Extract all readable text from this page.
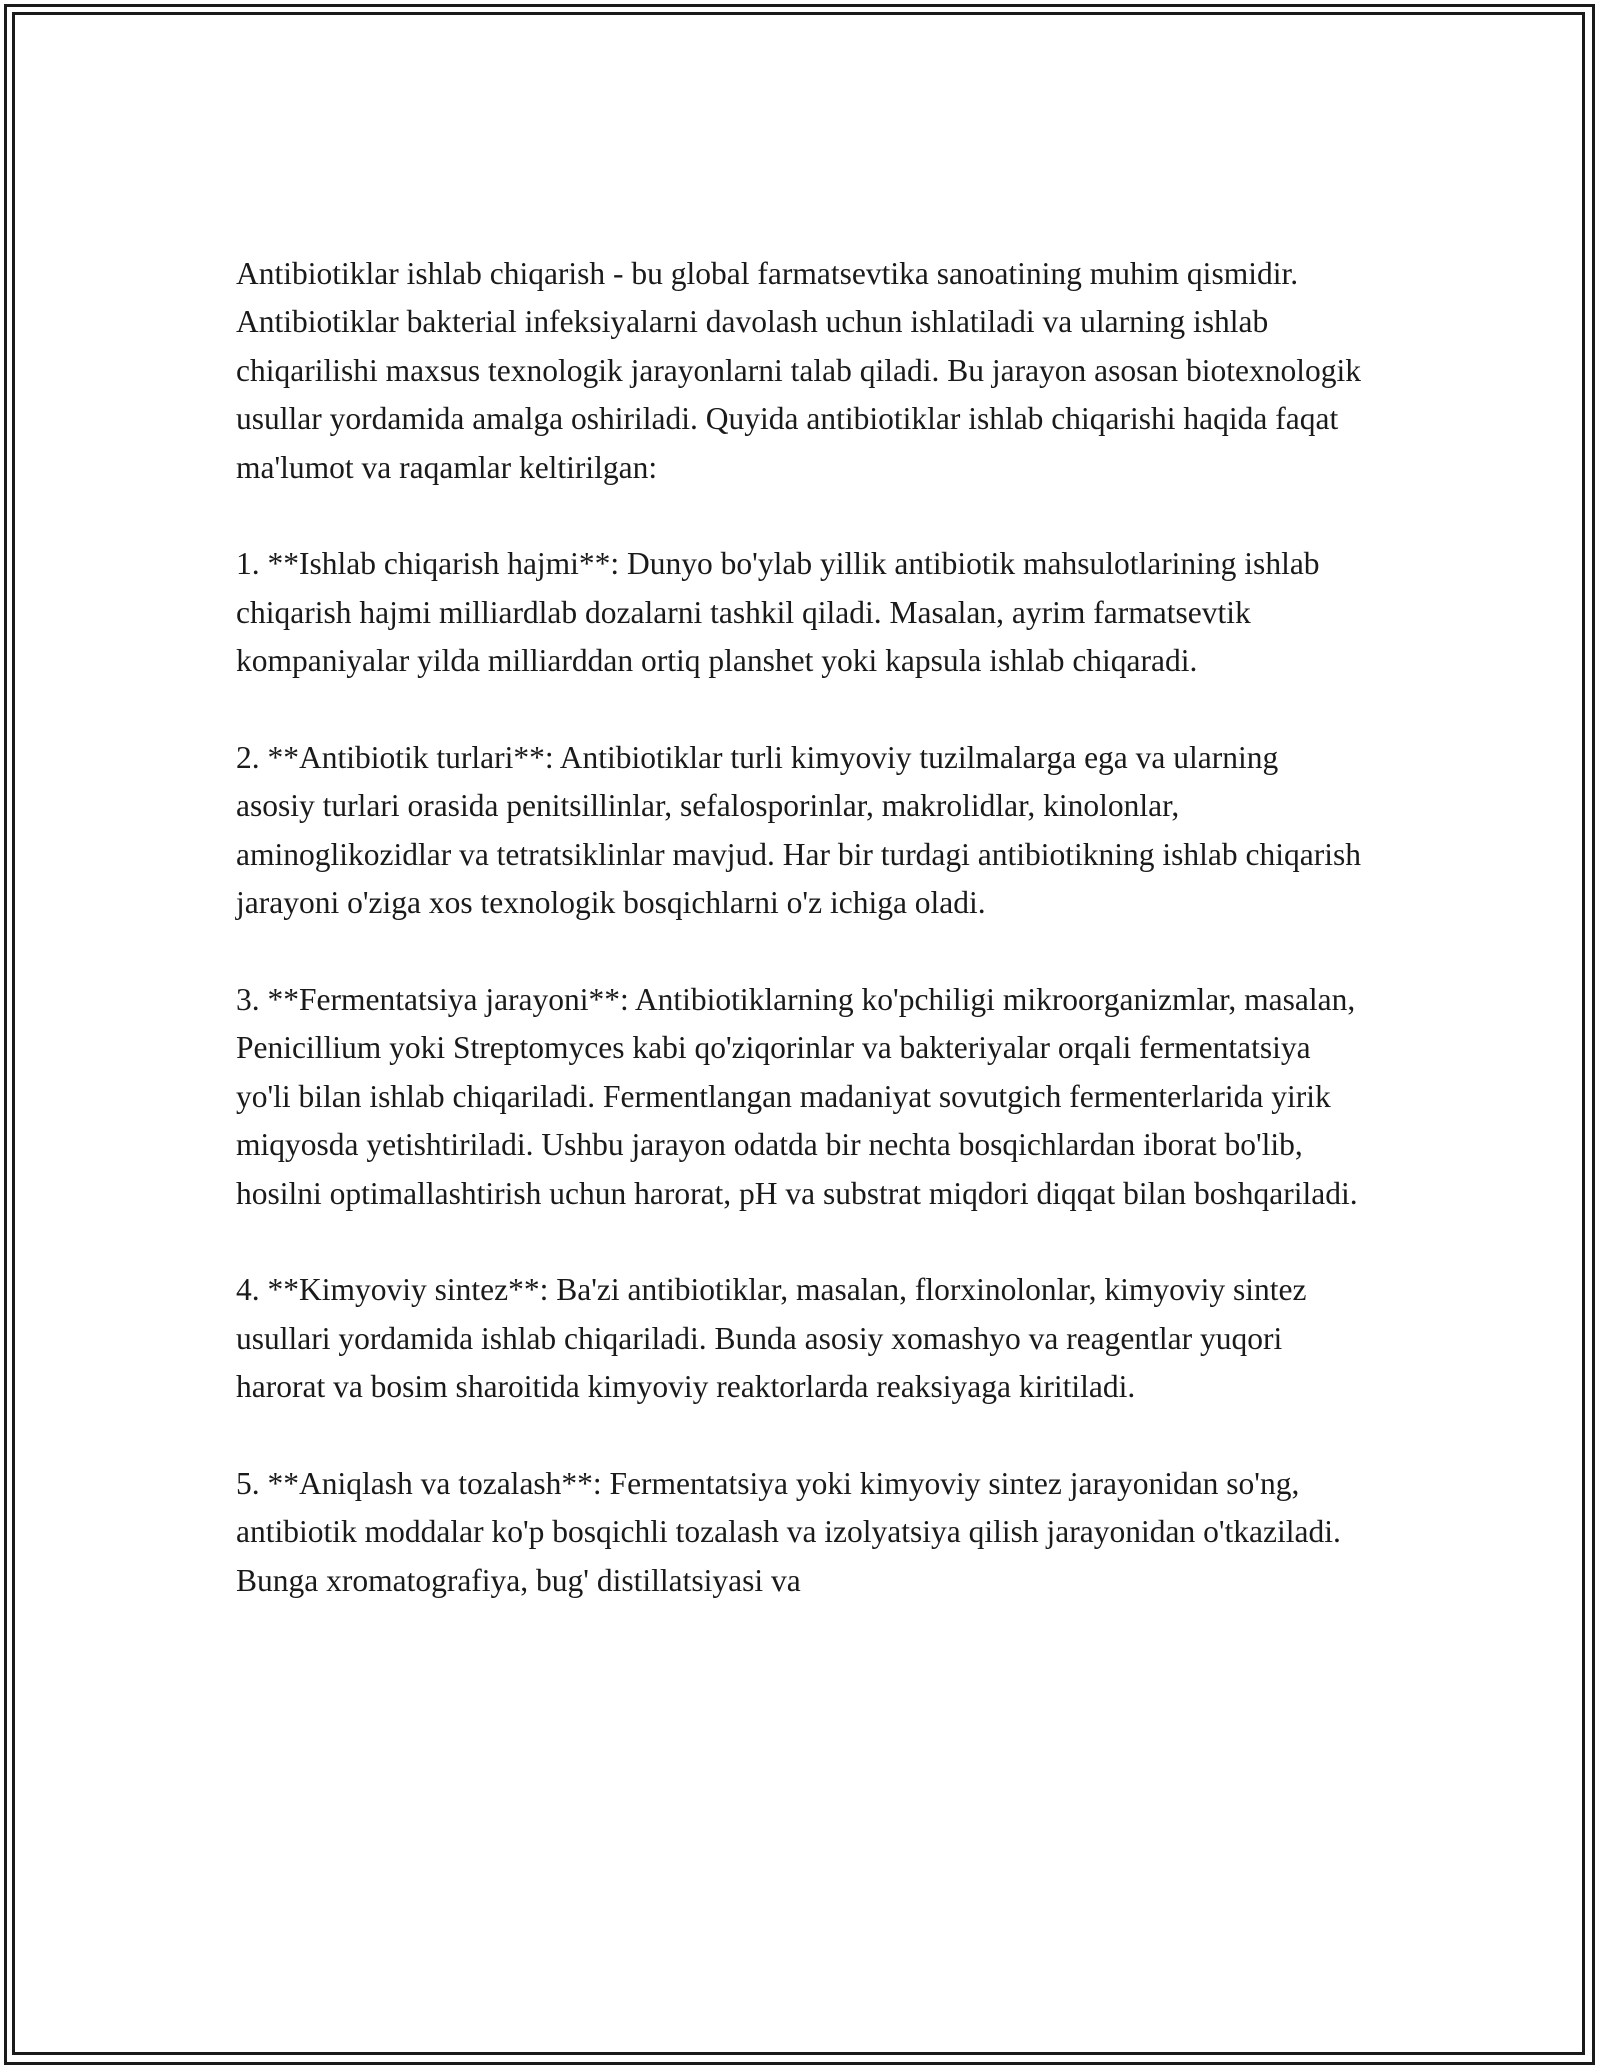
Antibiotiklar ishlab chiqarish - bu global farmatsevtika sanoatining muhim qismidir. Antibiotiklar bakterial infeksiyalarni davolash uchun ishlatiladi va ularning ishlab chiqarilishi maxsus texnologik jarayonlarni talab qiladi. Bu jarayon asosan biotexnologik usullar yordamida amalga oshiriladi. Quyida antibiotiklar ishlab chiqarishi haqida faqat ma'lumot va raqamlar keltirilgan:

1. **Ishlab chiqarish hajmi**: Dunyo bo'ylab yillik antibiotik mahsulotlarining ishlab chiqarish hajmi milliardlab dozalarni tashkil qiladi. Masalan, ayrim farmatsevtik kompaniyalar yilda milliarddan ortiq planshet yoki kapsula ishlab chiqaradi.

2. **Antibiotik turlari**: Antibiotiklar turli kimyoviy tuzilmalarga ega va ularning asosiy turlari orasida penitsillinlar, sefalosporinlar, makrolidlar, kinolonlar, aminoglikozidlar va tetratsiklinlar mavjud. Har bir turdagi antibiotikning ishlab chiqarish jarayoni o'ziga xos texnologik bosqichlarni o'z ichiga oladi.

3. **Fermentatsiya jarayoni**: Antibiotiklarning ko'pchiligi mikroorganizmlar, masalan, Penicillium yoki Streptomyces kabi qo'ziqorinlar va bakteriyalar orqali fermentatsiya yo'li bilan ishlab chiqariladi. Fermentlangan madaniyat sovutgich fermenterlarida yirik miqyosda yetishtiriladi. Ushbu jarayon odatda bir nechta bosqichlardan iborat bo'lib, hosilni optimallashtirish uchun harorat, pH va substrat miqdori diqqat bilan boshqariladi.

4. **Kimyoviy sintez**: Ba'zi antibiotiklar, masalan, florxinolonlar, kimyoviy sintez usullari yordamida ishlab chiqariladi. Bunda asosiy xomashyo va reagentlar yuqori harorat va bosim sharoitida kimyoviy reaktorlarda reaksiyaga kiritiladi.

5. **Aniqlash va tozalash**: Fermentatsiya yoki kimyoviy sintez jarayonidan so'ng, antibiotik moddalar ko'p bosqichli tozalash va izolyatsiya qilish jarayonidan o'tkaziladi. Bunga xromatografiya, bug' distillatsiyasi va
